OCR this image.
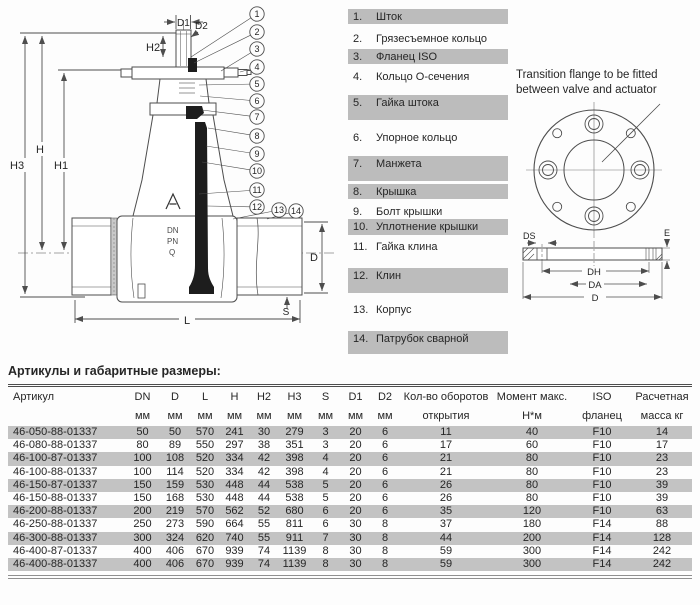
H3
H
H1
H2
D1 D2
D
S
L
DN
PN
Q
1
2
3
4
5
6
7
8
9
10
11
12 13 14
1.	Шток
2.	Грязесъемное кольцо
3.	Фланец ISO
4.	Кольцо О-сечения
5.	Гайка штока
6.	Упорное кольцо
7.	Манжета
8.	Крышка
9.	Болт крышки
10. Уплотнение крышки
11. Гайка клина
12. Клин
13. Корпус
14. Патрубок сварной
Transition flange to be fitted
between valve and actuator
DS	E
DH
DA
D
Артикулы и габаритные размеры:
Артикул	DN	D	L	H	H2	H3	S	D1	D2	Кол-во оборотов	Момент макс.	ISO	Расчетная
	мм	мм	мм	мм	мм	мм	мм	мм	мм	открытия	Н*м	фланец	масса кг
46-050-88-01337	50	50	570	241	30	279	3	20	6	11	40	F10	14
46-080-88-01337	80	89	550	297	38	351	3	20	6	17	60	F10	17
46-100-87-01337	100	108	520	334	42	398	4	20	6	21	80	F10	23
46-100-88-01337	100	114	520	334	42	398	4	20	6	21	80	F10	23
46-150-87-01337	150	159	530	448	44	538	5	20	6	26	80	F10	39
46-150-88-01337	150	168	530	448	44	538	5	20	6	26	80	F10	39
46-200-88-01337	200	219	570	562	52	680	6	20	6	35	120	F10	63
46-250-88-01337	250	273	590	664	55	811	6	30	8	37	180	F14	88
46-300-88-01337	300	324	620	740	55	911	7	30	8	44	200	F14	128
46-400-87-01337	400	406	670	939	74	1139	8	30	8	59	300	F14	242
46-400-88-01337	400	406	670	939	74	1139	8	30	8	59	300	F14	242
